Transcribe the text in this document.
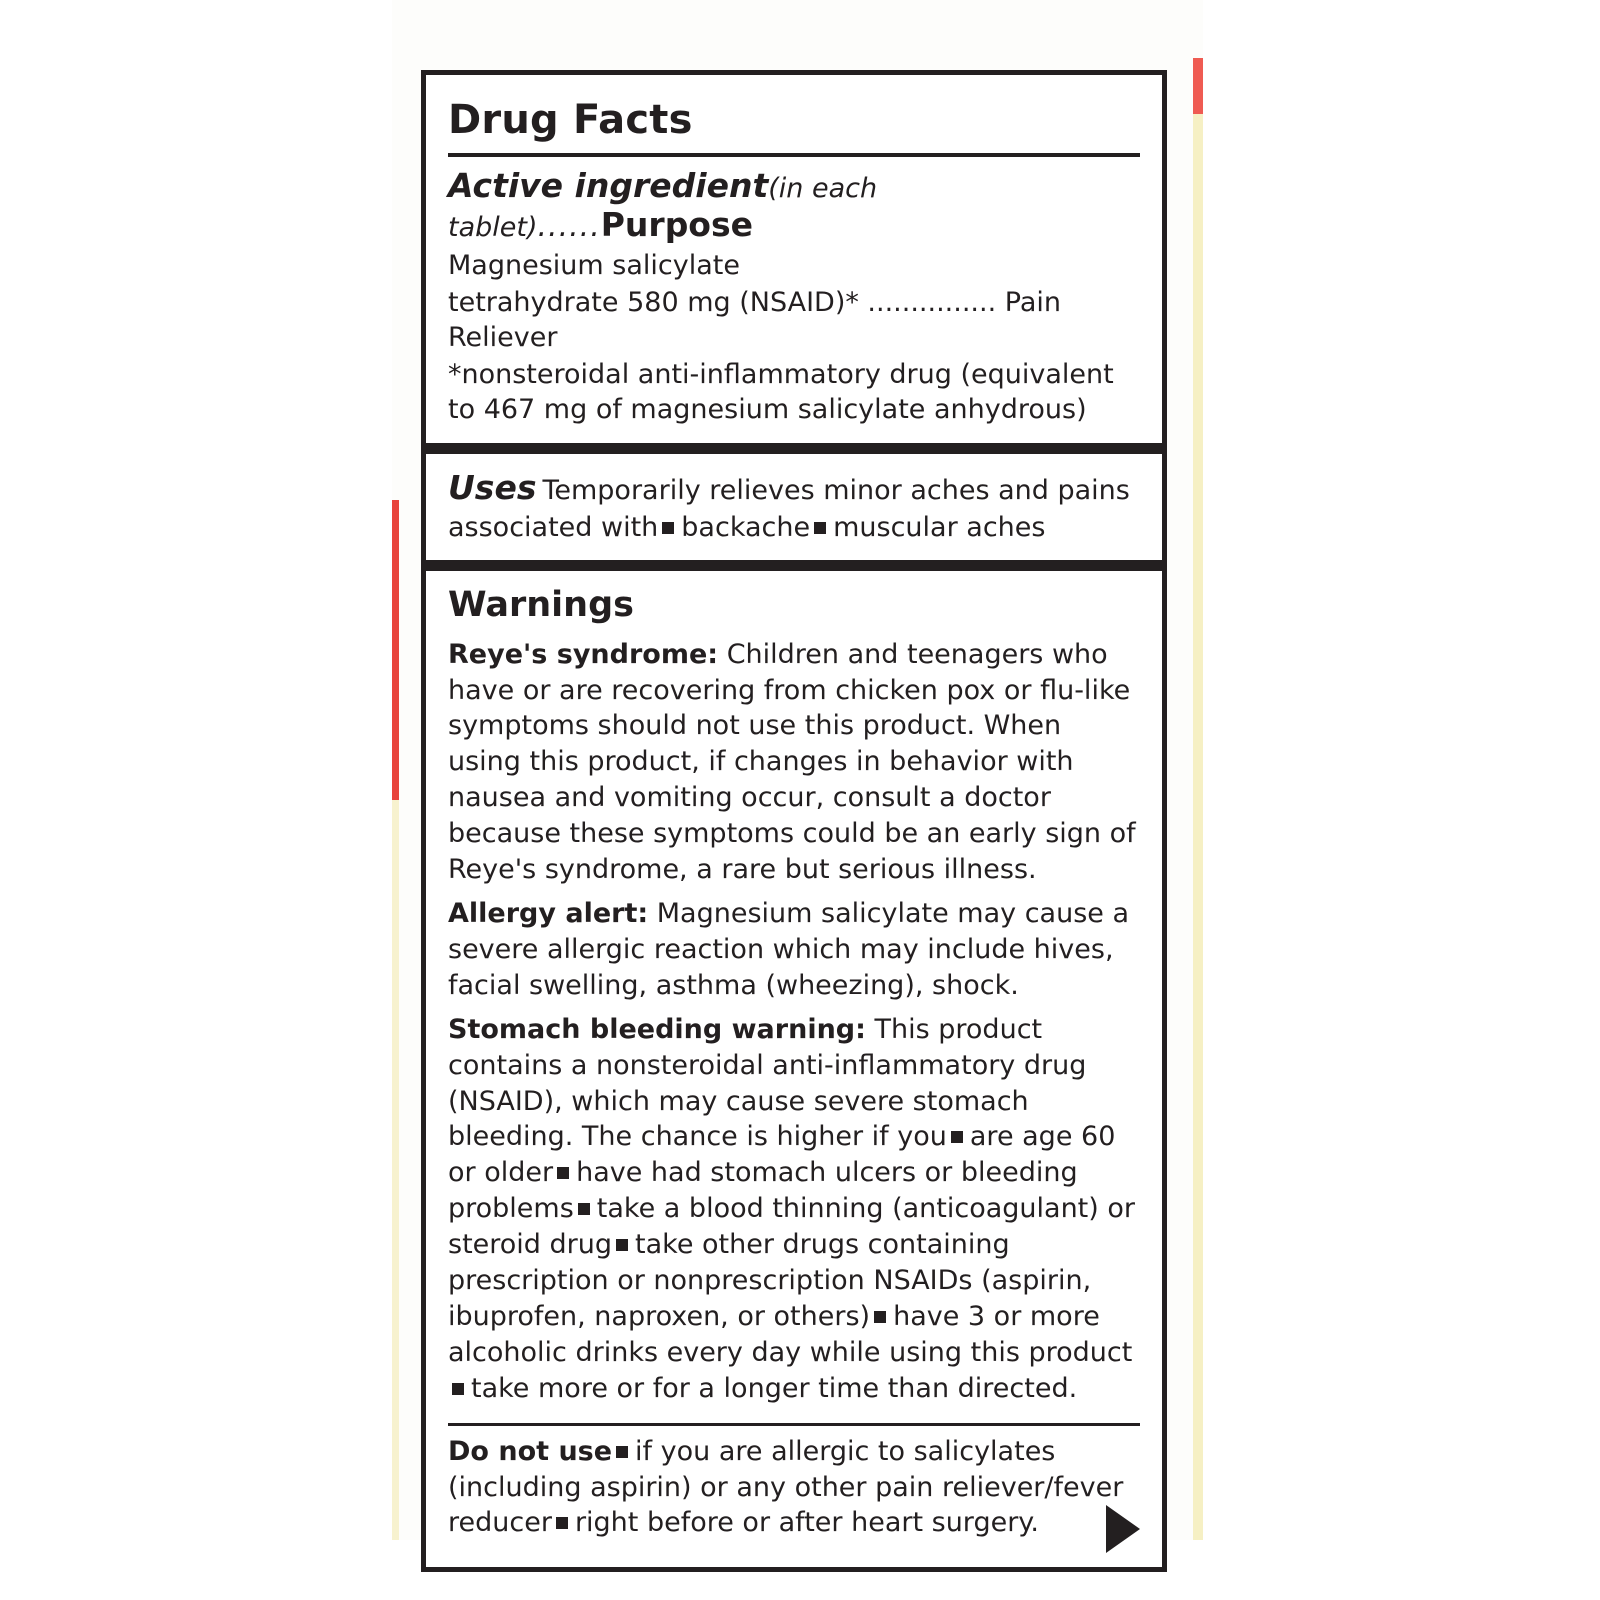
Drug Facts
Active ingredient(in each tablet)......Purpose
Magnesium salicylate
tetrahydrate 580 mg (NSAID)* ............... Pain Reliever
*nonsteroidal anti-inflammatory drug (equivalent to 467 mg of magnesium salicylate anhydrous)
Uses Temporarily relieves minor aches and pains associated with backache muscular aches
Warnings
Reye's syndrome: Children and teenagers who have or are recovering from chicken pox or flu-like symptoms should not use this product. When using this product, if changes in behavior with nausea and vomiting occur, consult a doctor because these symptoms could be an early sign of Reye's syndrome, a rare but serious illness.
Allergy alert: Magnesium salicylate may cause a severe allergic reaction which may include hives, facial swelling, asthma (wheezing), shock.
Stomach bleeding warning: This product contains a nonsteroidal anti-inflammatory drug (NSAID), which may cause severe stomach bleeding. The chance is higher if you are age 60 or older have had stomach ulcers or bleeding problems take a blood thinning (anticoagulant) or steroid drug take other drugs containing prescription or nonprescription NSAIDs (aspirin, ibuprofen, naproxen, or others) have 3 or more alcoholic drinks every day while using this producttake more or for a longer time than directed.
Do not use if you are allergic to salicylates (including aspirin) or any other pain reliever/fever reducer right before or after heart surgery.
